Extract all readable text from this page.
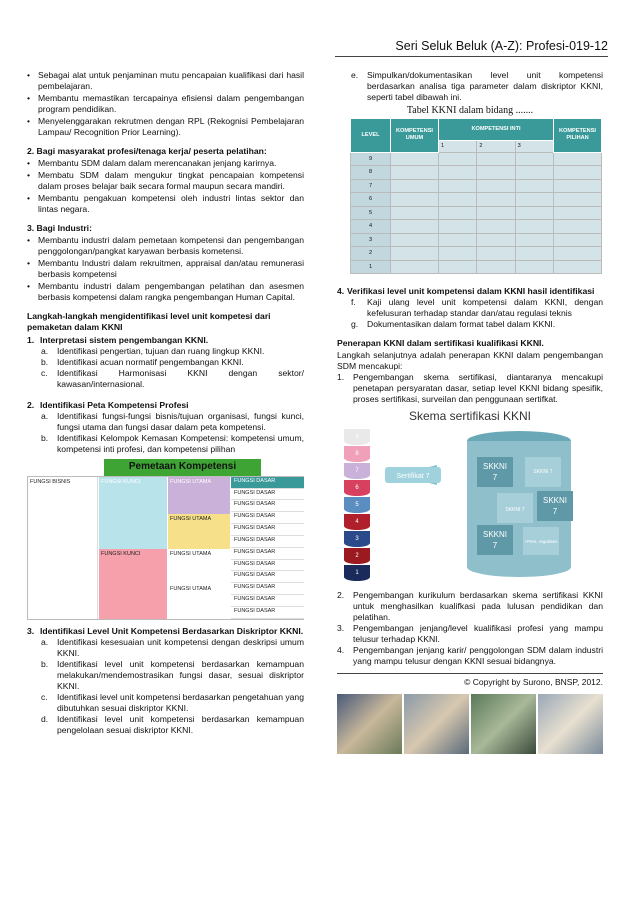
Seri Seluk Beluk (A-Z): Profesi-019-12
• Sebagai alat untuk penjaminan mutu pencapaian kualifikasi dari hasil pembelajaran.
• Membantu memastikan tercapainya efisiensi dalam pengembangan program pendidikan.
• Menyelenggarakan rekrutmen dengan RPL (Rekognisi Pembelajaran Lampau/ Recognition Prior Learning).
2. Bagi masyarakat profesi/tenaga kerja/ peserta pelatihan:
• Membantu SDM dalam dalam merencanakan jenjang karirnya.
• Membatu SDM dalam mengukur tingkat pencapaian kompetensi dalam proses belajar baik secara formal maupun secara mandiri.
• Membantu pengakuan kompetensi oleh industri lintas sektor dan lintas negara.
3. Bagi Industri:
• Membantu industri dalam pemetaan kompetensi dan pengembangan penggolongan/pangkat karyawan berbasis kometensi.
• Membantu Industri dalam rekruitmen, appraisal dan/atau remunerasi berbasis kompetensi
• Membantu industri dalam pengembangan pelatihan dan asesmen berbasis kompetensi dalam rangka pengembangan Human Capital.
Langkah-langkah mengidentifikasi level unit kompetesi dari pemaketan dalam KKNI
1. Interpretasi sistem pengembangan KKNI.
a.	Identifikasi pengertian, tujuan dan ruang lingkup KKNI.
b.	Identifikasi acuan normatif pengembangan KKNI.
c.	Identifikasi Harmonisasi KKNI dengan sektor/ kawasan/internasional.
2. Identifikasi Peta Kompetensi Profesi
a.	Identifikasi fungsi-fungsi bisnis/tujuan organisasi, fungsi kunci, fungsi utama dan fungsi dasar dalam peta kompetensi.
b.	Identifikasi Kelompok Kemasan Kompetensi: kompetensi umum, kompetensi inti profesi, dan kompetensi pilihan
Pemetaan Kompetensi
FUNGSI BISNIS	FUNGSI KUNCI
FUNGSI KUNCI
FUNGSI UTAMA
FUNGSI UTAMA
FUNGSI UTAMA
FUNGSI UTAMA
FUNGSI DASAR
FUNGSI DASAR
FUNGSI DASAR
FUNGSI DASAR
FUNGSI DASAR
FUNGSI DASAR
FUNGSI DASAR
FUNGSI DASAR
FUNGSI DASAR
FUNGSI DASAR
FUNGSI DASAR
FUNGSI DASAR
3. Identifikasi Level Unit Kompetensi Berdasarkan Diskriptor KKNI.
a.	Identifikasi kesesuaian unit kompetensi dengan deskripsi umum KKNI.
b.	Identifikasi level unit kompetensi berdasarkan kemampuan melakukan/mendemostrasikan fungsi dasar, sesuai diskriptor KKNI.
c.	Identifikasi level unit kompetensi berdasarkan pengetahuan yang dibutuhkan sesuai diskriptor KKNI.
d.	Identifikasi level unit kompetensi berdasarkan kemampuan pengelolaan sesuai diskriptor KKNI.
e.	Simpulkan/dokumentasikan level unit kompetensi berdasarkan analisa tiga parameter dalam diskriptor KKNI, seperti tabel dibawah ini.
Tabel KKNI dalam bidang .......
LEVEL	KOMPETENSI UMUM	KOMPETENSI INTI			KOMPETENSI PILIHAN
		1	2	3	
9					
8					
7					
6					
5					
4					
3					
2					
1					
4. Verifikasi level unit kompetensi dalam KKNI hasil identifikasi
f.	Kaji ulang level unit kompetensi dalam KKNI, dengan kefelusuran terhadap standar dan/atau regulasi teknis
g.	Dokumentasikan dalam format tabel dalam KKNI.
Penerapan KKNI dalam sertifikasi kualifikasi KKNI.
Langkah selanjutnya adalah penerapan KKNI dalam pengembangan SDM mencakupi:
1.	Pengembangan skema sertifikasi, diantaranya mencakupi penetapan persyaratan dasar, setiap level KKNI bidang spesifik, proses sertifikasi, surveilan dan penggunaan sertifkat.
Skema sertifikasi KKNI
9
8
7
6
5
4
3
2
1
Sertifikat 7
SKKNI
7
SKKNI 7
SKKNI 7
SKKNI
7
SKKNI
7	+Pers. regulates
2.	Pengembangan kurikulum berdasarkan skema sertifikasi KKNI untuk menghasilkan kualifkasi pada lulusan pendidikan dan pelatihan.
3.	Pengembangan jenjang/level kualifikasi profesi yang mampu telusur terhadap KKNI.
4.	Pengembangan jenjang karir/ penggolongan SDM dalam industri yang mampu telusur dengan KKNI sesuai bidangnya.
© Copyright by Surono, BNSP, 2012.
